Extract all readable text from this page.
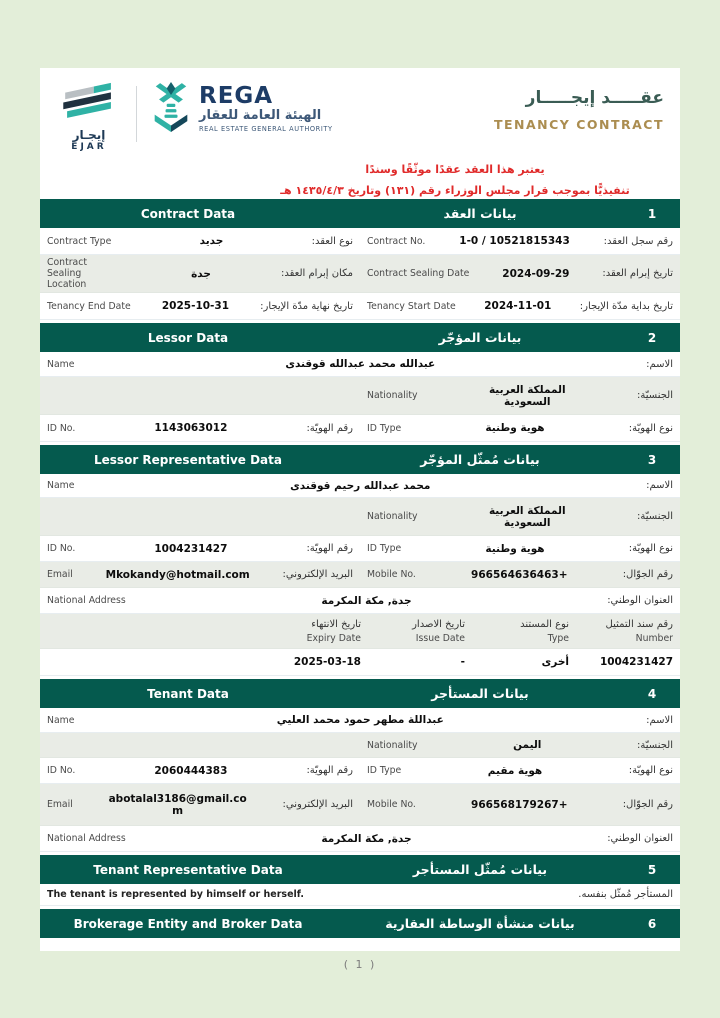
إيجـار
EJAR
REGA
الهيئة العامة للعقار
REAL ESTATE GENERAL AUTHORITY
عقـــــد إيجـــــار
TENANCY CONTRACT
يعتبر هذا العقد عقدًا موثّقًا وسندًا
تنفيذيًّا بموجب قرار مجلس الوزراء رقم (١٣١) وتاريخ ١٤٣٥/٤/٣ هـ
1
بيانات العقد
Contract Data
رقم سجل العقد:
10521815343 / 1-0
Contract No.
نوع العقد:
جديد
Contract Type
تاريخ إبرام العقد:
2024-09-29
Contract Sealing Date
مكان إبرام العقد:
جدة
Contract Sealing Location
تاريخ بداية مدّة الإيجار:
2024-11-01
Tenancy Start Date
تاريخ نهاية مدّة الإيجار:
2025-10-31
Tenancy End Date
2
بيانات المؤجّر
Lessor Data
الاسم:
عبدالله محمد عبدالله قوقندى
Name
الجنسيّة:
المملكة العربية السعودية
Nationality
نوع الهويّة:
هوية وطنية
ID Type
رقم الهويّة:
1143063012
ID No.
3
بيانات مُمثّل المؤجّر
Lessor Representative Data
الاسم:
محمد عبدالله رحيم قوقندى
Name
الجنسيّة:
المملكة العربية السعودية
Nationality
نوع الهويّة:
هوية وطنية
ID Type
رقم الهويّة:
1004231427
ID No.
رقم الجوّال:
+966564636463
Mobile No.
البريد الإلكتروني:
Mkokandy@hotmail.com
Email
العنوان الوطني:
جدة, مكة المكرمة
National Address
رقم سند التمثيل
Number
نوع المستند
Type
تاريخ الاصدار
Issue Date
تاريخ الانتهاء
Expiry Date
1004231427
أخرى
-
2025-03-18
4
بيانات المستأجر
Tenant Data
الاسم:
عبداللة مطهر حمود محمد العليي
Name
الجنسيّة:
اليمن
Nationality
نوع الهويّة:
هوية مقيم
ID Type
رقم الهويّة:
2060444383
ID No.
رقم الجوّال:
+966568179267
Mobile No.
البريد الإلكتروني:
abotalal3186@gmail.com
Email
العنوان الوطني:
جدة, مكة المكرمة
National Address
5
بيانات مُمثّل المستأجر
Tenant Representative Data
المستأجر مُمثّل بنفسه.
The tenant is represented by himself or herself.
6
بيانات منشأة الوساطة العقارية
Brokerage Entity and Broker Data
( 1 )
